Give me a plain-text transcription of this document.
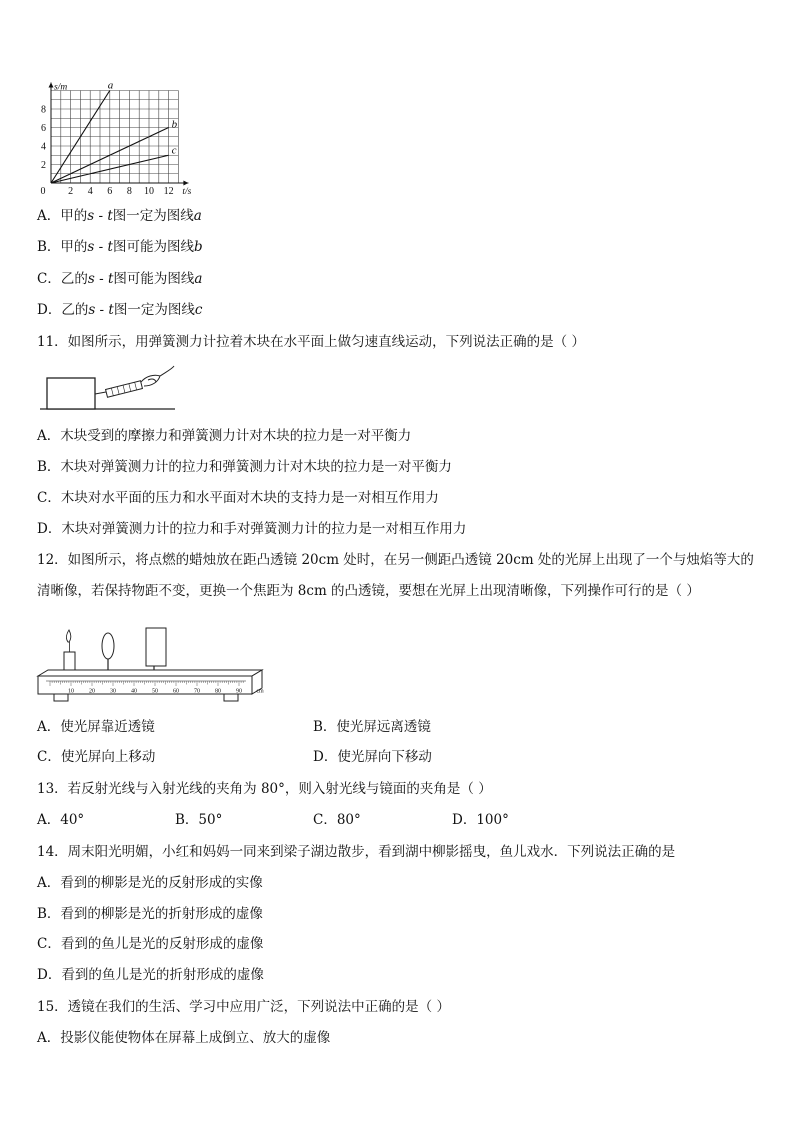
0 2 4 6 8 10 12
2
4
6
8
t/s
s/m	a
b
c
A．甲的s - t图一定为图线a
B．甲的s - t图可能为图线b
C．乙的s - t图可能为图线a
D．乙的s - t图一定为图线c
11．如图所示，用弹簧测力计拉着木块在水平面上做匀速直线运动，下列说法正确的是（ ）
A．木块受到的摩擦力和弹簧测力计对木块的拉力是一对平衡力
B．木块对弹簧测力计的拉力和弹簧测力计对木块的拉力是一对平衡力
C．木块对水平面的压力和水平面对木块的支持力是一对相互作用力
D．木块对弹簧测力计的拉力和手对弹簧测力计的拉力是一对相互作用力
12．如图所示，将点燃的蜡烛放在距凸透镜 20cm 处时，在另一侧距凸透镜 20cm 处的光屏上出现了一个与烛焰等大的
清晰像，若保持物距不变，更换一个焦距为 8cm 的凸透镜，要想在光屏上出现清晰像，下列操作可行的是（ ）
10	20	30	40	50	60	70	80	90 cm
A．使光屏靠近透镜	B．使光屏远离透镜
C．使光屏向上移动	D．使光屏向下移动
13．若反射光线与入射光线的夹角为 80°，则入射光线与镜面的夹角是（ ）
A．40°	B．50°	C．80°	D．100°
14．周末阳光明媚，小红和妈妈一同来到梁子湖边散步，看到湖中柳影摇曳，鱼儿戏水．下列说法正确的是
A．看到的柳影是光的反射形成的实像
B．看到的柳影是光的折射形成的虚像
C．看到的鱼儿是光的反射形成的虚像
D．看到的鱼儿是光的折射形成的虚像
15．透镜在我们的生活、学习中应用广泛，下列说法中正确的是（ ）
A．投影仪能使物体在屏幕上成倒立、放大的虚像
